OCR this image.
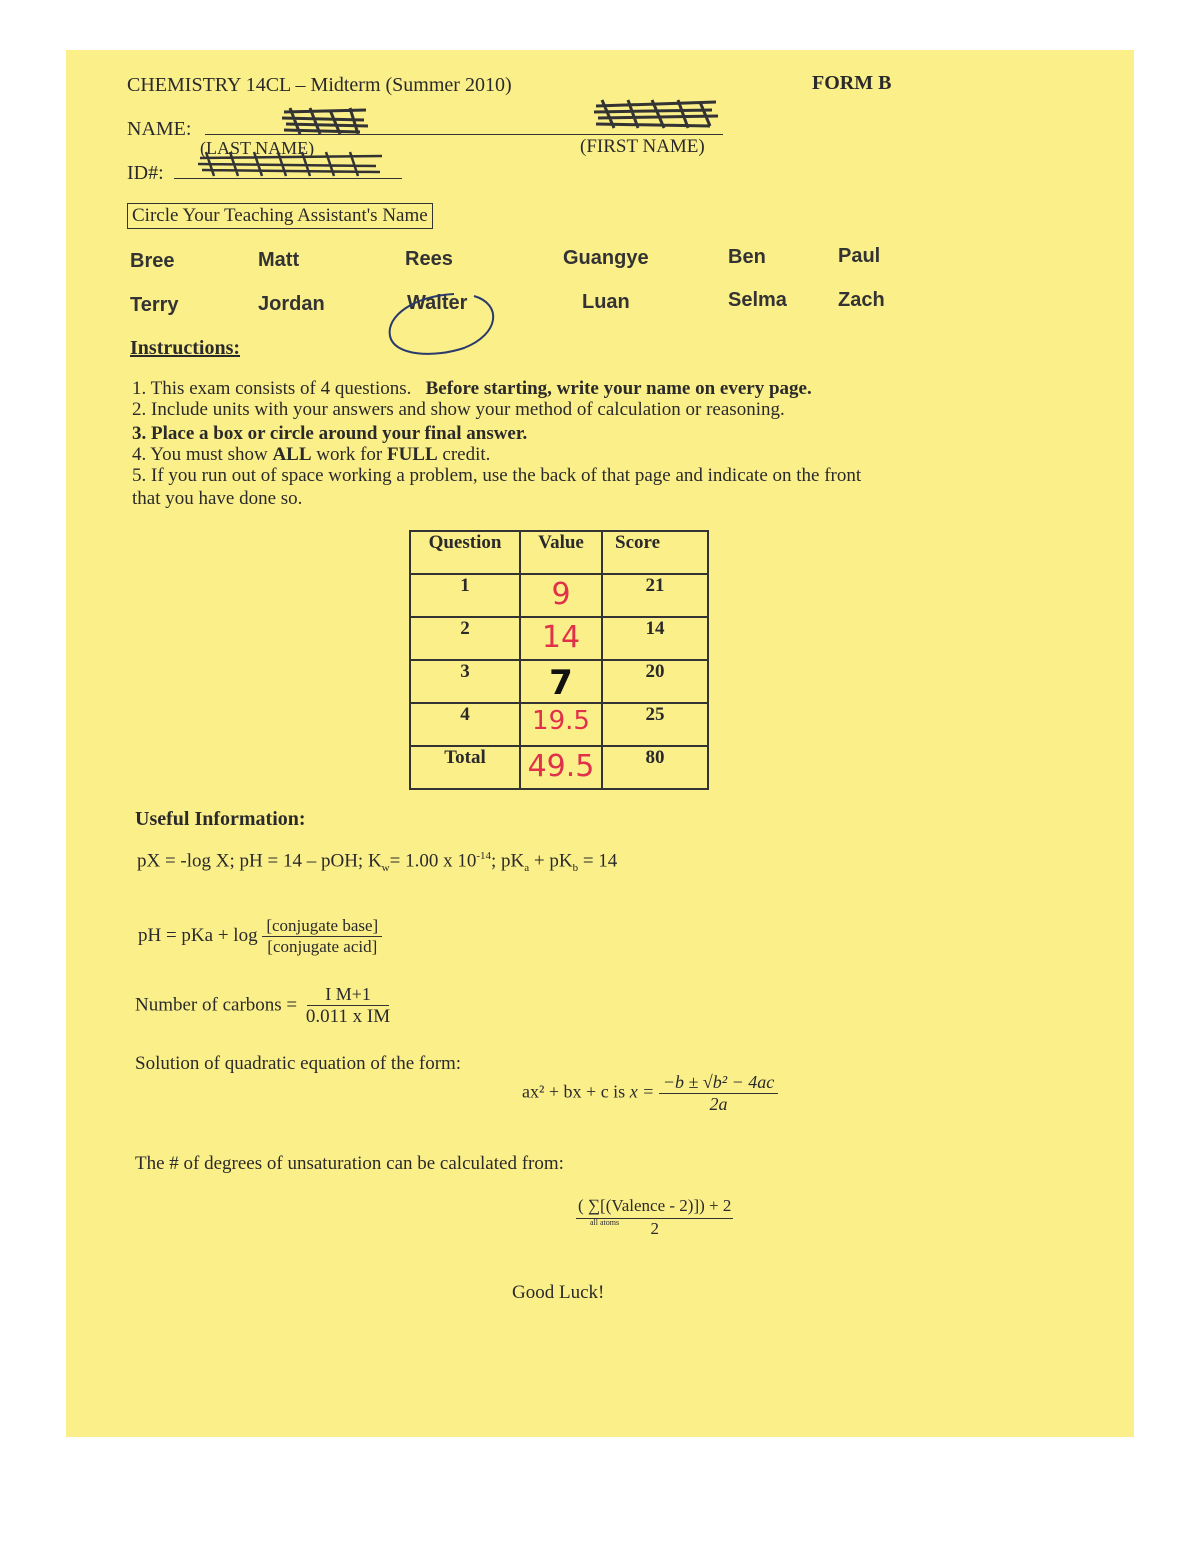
CHEMISTRY 14CL – Midterm (Summer 2010)	FORM B
NAME:
(LAST NAME)	(FIRST NAME)
ID#:
Circle Your Teaching Assistant's Name
Bree	Matt	Rees	Guangye	Ben	Paul
Terry	Jordan	Walter	Luan	Selma	Zach
Instructions:
1. This exam consists of 4 questions. Before starting, write your name on every page.
2. Include units with your answers and show your method of calculation or reasoning.
3. Place a box or circle around your final answer.
4. You must show ALL work for FULL credit.
5. If you run out of space working a problem, use the back of that page and indicate on the front
that you have done so.
Question	Value	Score
1	9	21
2	14	14
3	7	20
4	19.5	25
Total	49.5	80
Useful Information:
pX = -log X; pH = 14 – pOH; $K_w= 1.00$ x $10^{-14}$; $pK_a + pK_b = 14$
pH = pKa + $\log \frac{\text{[conjugate base]}}{\text{[conjugate acid]}}$
Number of carbons = $\frac{\text{I M+1}}{\text{0.011 x IM}}$
Solution of quadratic equation of the form:
ax² + bx + c is $x = \frac{\text{−b ± √b² − 4ac}}{2a}$
The # of degrees of unsaturation can be calculated from:
( ∑[(Valence - 2)]) + 2
all atoms 2
Good Luck!
